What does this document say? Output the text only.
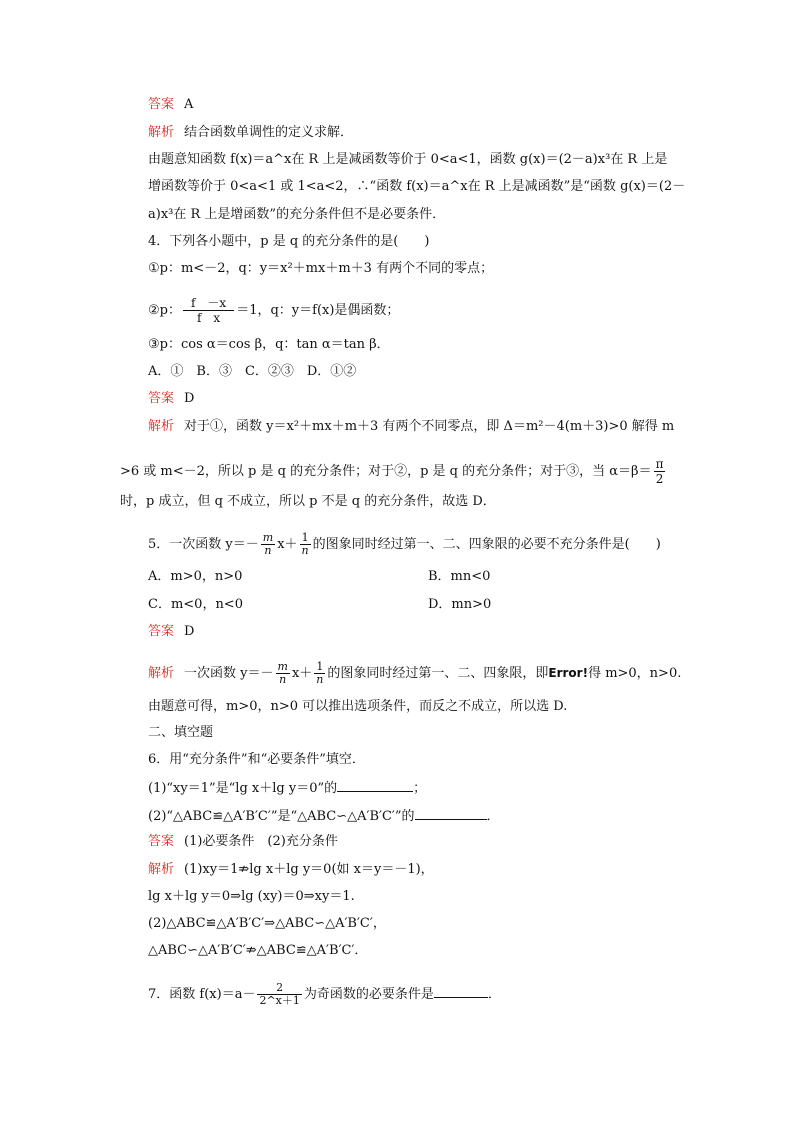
答案 A
解析 结合函数单调性的定义求解．
由题意知函数 f(x)＝a^x在 R 上是减函数等价于 0<a<1，函数 g(x)＝(2－a)x³在 R 上是
增函数等价于 0<a<1 或 1<a<2，∴“函数 f(x)＝a^x在 R 上是减函数”是“函数 g(x)＝(2－
a)x³在 R 上是增函数”的充分条件但不是必要条件．
4．下列各小题中，p 是 q 的充分条件的是(　　)
①p：m<－2，q：y＝x²＋mx＋m＋3 有两个不同的零点；
②p： $\frac{f -x}{\text{f　x}} =1$，q：y＝f(x)是偶函数；
③p：cos α＝cos β，q：tan α＝tan β．
A．①　B．③　C．②③　D．①②
答案 D
解析 对于①，函数 y＝x²＋mx＋m＋3 有两个不同零点，即 Δ＝m²－4(m＋3)>0 解得 m
>6 或 m<－2，所以 p 是 q 的充分条件；对于②，p 是 q 的充分条件；对于③，当 $\alpha=\beta= \frac{\pi}{2}$
时，p 成立，但 q 不成立，所以 p 不是 q 的充分条件，故选 D．
5．一次函数 $y=- \frac{m}{n} x+ \frac{1}{n}$ 的图象同时经过第一、二、四象限的必要不充分条件是(　　)
A．m>0，n>0	B．mn<0
C．m<0，n<0	D．mn>0
答案 D
解析 一次函数 $y=- \frac{m}{n} x+ \frac{1}{n}$ 的图象同时经过第一、二、四象限，即Error!得 m>0，n>0.
由题意可得，m>0，n>0 可以推出选项条件，而反之不成立，所以选 D.
二、填空题
6．用“充分条件”和“必要条件”填空．
(1)“xy＝1”是“lg x＋lg y＝0”的	；
(2)“△ABC≌△A′B′C′”是“△ABC∽△A′B′C′”的	．
答案 (1)必要条件　(2)充分条件
解析 (1)xy＝1⇏lg x＋lg y＝0(如 x＝y＝－1)，
lg x＋lg y＝0⇒lg (xy)＝0⇒xy＝1.
(2)△ABC≌△A′B′C′⇒△ABC∽△A′B′C′，
△ABC∽△A′B′C′⇏△ABC≌△A′B′C′．
7．函数 $f(x)=a- \frac{2}{2\^{}x+1}$ 为奇函数的必要条件是	．
